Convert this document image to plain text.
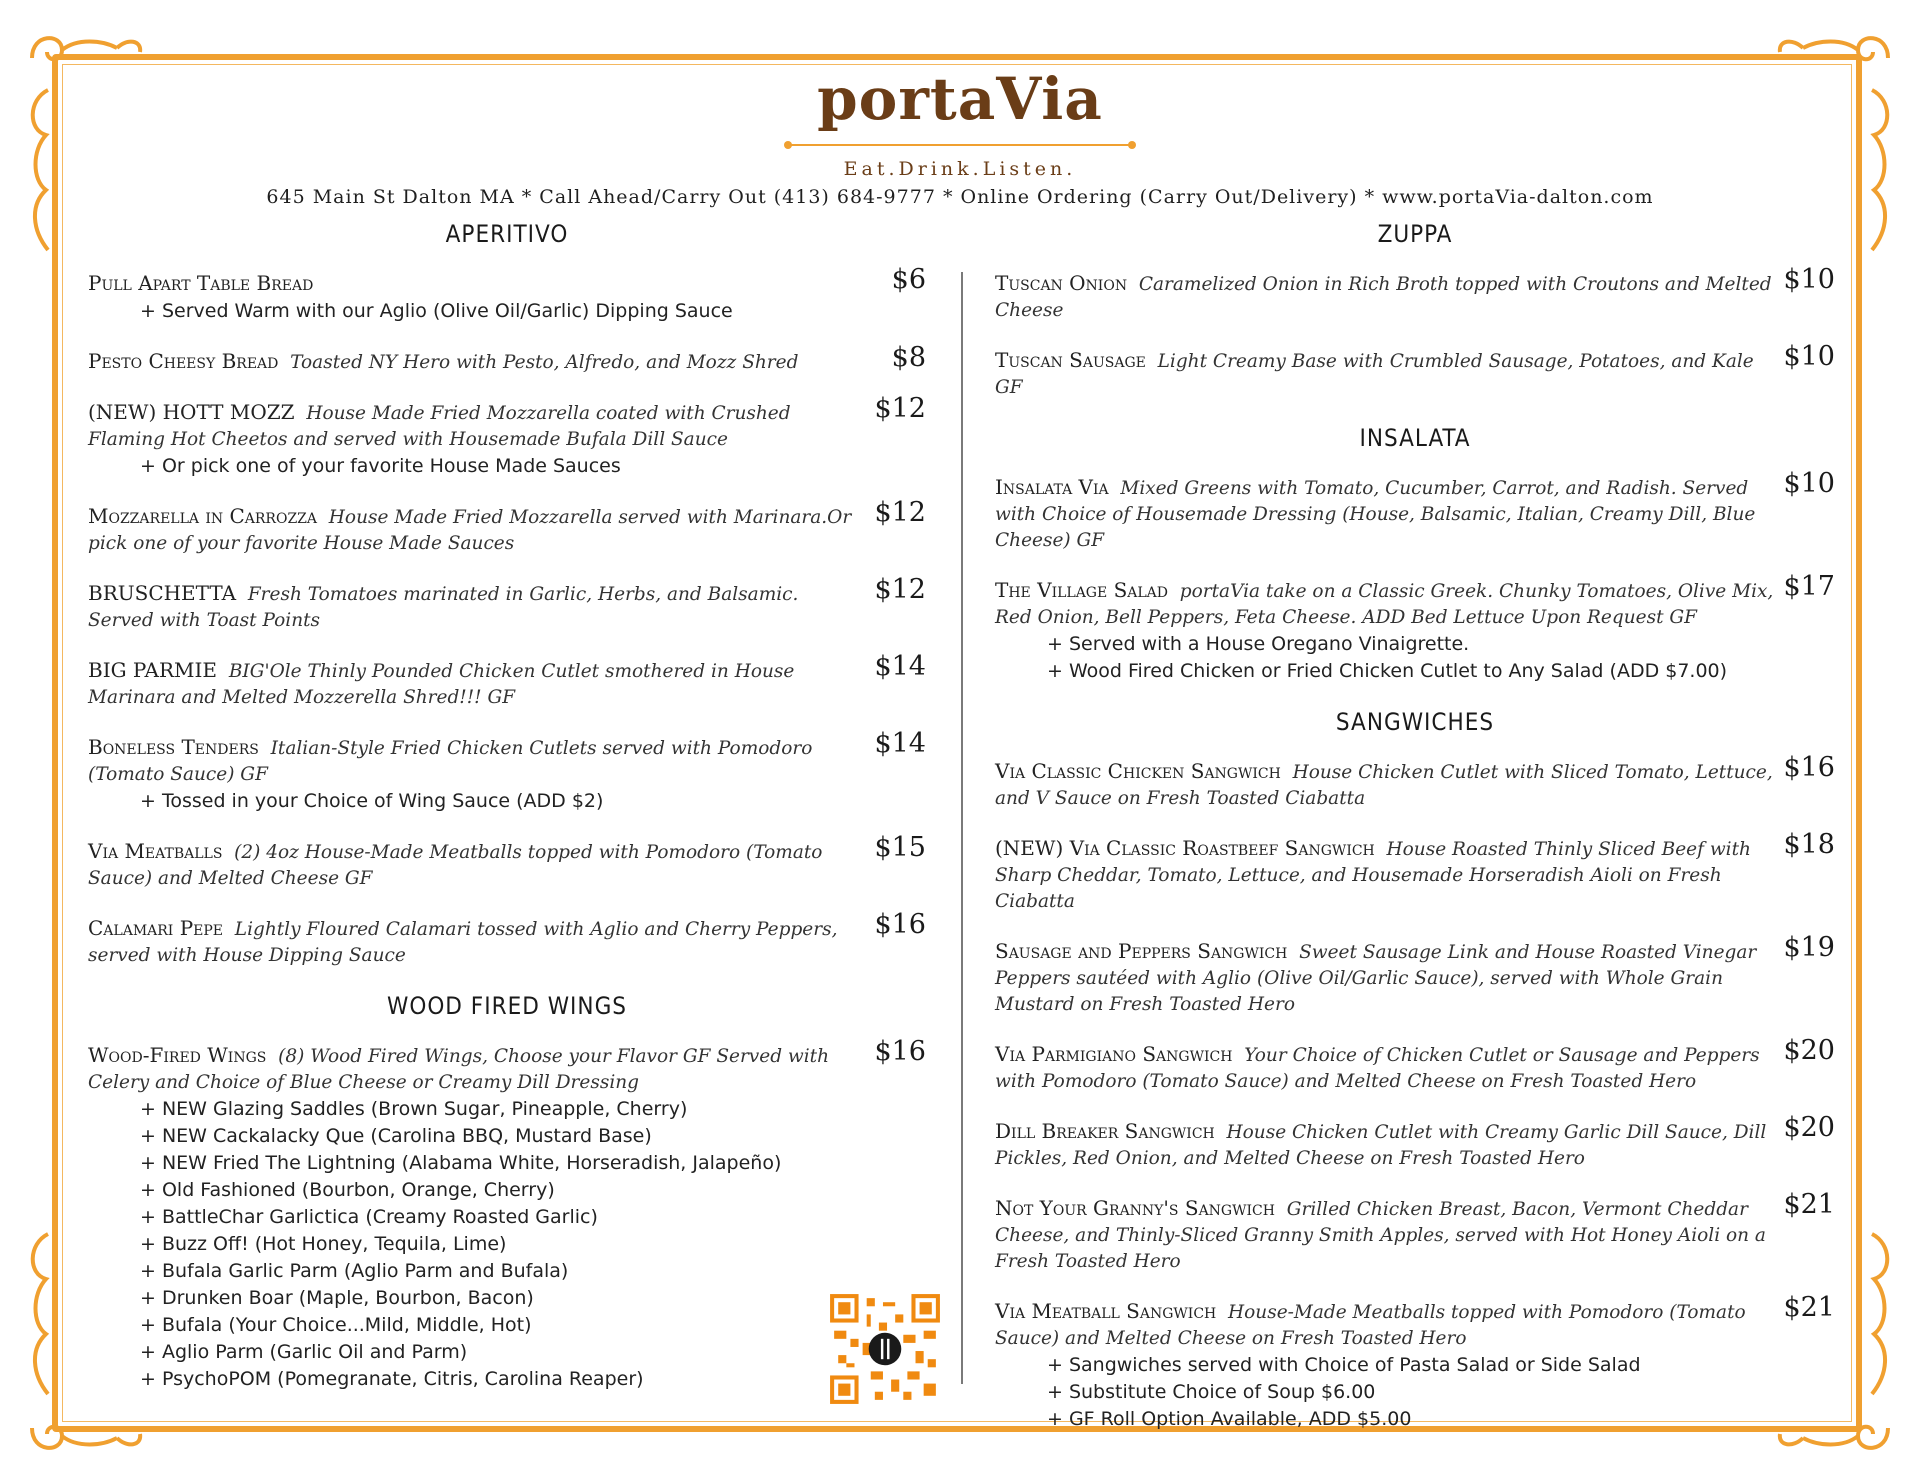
portaVia
Eat.Drink.Listen.
645 Main St Dalton MA * Call Ahead/Carry Out (413) 684-9777 * Online Ordering (Carry Out/Delivery) * www.portaVia-dalton.com
APERITIVO
Pull Apart Table Bread	$6
+ Served Warm with our Aglio (Olive Oil/Garlic) Dipping Sauce
Pesto Cheesy Bread Toasted NY Hero with Pesto, Alfredo, and Mozz Shred	$8
(NEW) HOTT MOZZ House Made Fried Mozzarella coated with Crushed Flaming Hot Cheetos and served with Housemade Bufala Dill Sauce
$12
+ Or pick one of your favorite House Made Sauces
Mozzarella in Carrozza House Made Fried Mozzarella served with Marinara.Or pick one of your favorite House Made Sauces
$12
BRUSCHETTA Fresh Tomatoes marinated in Garlic, Herbs, and Balsamic. Served with Toast Points
$12
BIG PARMIE BIG'Ole Thinly Pounded Chicken Cutlet smothered in House Marinara and Melted Mozzerella Shred!!! GF
$14
Boneless Tenders Italian-Style Fried Chicken Cutlets served with Pomodoro (Tomato Sauce) GF
$14
+ Tossed in your Choice of Wing Sauce (ADD $2)
Via Meatballs (2) 4oz House-Made Meatballs topped with Pomodoro (Tomato Sauce) and Melted Cheese GF
$15
Calamari Pepe Lightly Floured Calamari tossed with Aglio and Cherry Peppers, served with House Dipping Sauce
$16
WOOD FIRED WINGS
Wood-Fired Wings (8) Wood Fired Wings, Choose your Flavor GF Served with Celery and Choice of Blue Cheese or Creamy Dill Dressing
$16
+ NEW Glazing Saddles (Brown Sugar, Pineapple, Cherry)
+ NEW Cackalacky Que (Carolina BBQ, Mustard Base)
+ NEW Fried The Lightning (Alabama White, Horseradish, Jalapeño)
+ Old Fashioned (Bourbon, Orange, Cherry)
+ BattleChar Garlictica (Creamy Roasted Garlic)
+ Buzz Off! (Hot Honey, Tequila, Lime)
+ Bufala Garlic Parm (Aglio Parm and Bufala)
+ Drunken Boar (Maple, Bourbon, Bacon)
+ Bufala (Your Choice...Mild, Middle, Hot)
+ Aglio Parm (Garlic Oil and Parm)
+ PsychoPOM (Pomegranate, Citris, Carolina Reaper)
ZUPPA
Tuscan Onion Caramelized Onion in Rich Broth topped with Croutons and Melted Cheese
$10
Tuscan Sausage Light Creamy Base with Crumbled Sausage, Potatoes, and Kale GF
$10
INSALATA
Insalata Via Mixed Greens with Tomato, Cucumber, Carrot, and Radish. Served with Choice of Housemade Dressing (House, Balsamic, Italian, Creamy Dill, Blue Cheese) GF
$10
The Village Salad portaVia take on a Classic Greek. Chunky Tomatoes, Olive Mix, Red Onion, Bell Peppers, Feta Cheese. ADD Bed Lettuce Upon Request GF
$17
+ Served with a House Oregano Vinaigrette.
+ Wood Fired Chicken or Fried Chicken Cutlet to Any Salad (ADD $7.00)
SANGWICHES
Via Classic Chicken Sangwich House Chicken Cutlet with Sliced Tomato, Lettuce, and V Sauce on Fresh Toasted Ciabatta
$16
(NEW) Via Classic Roastbeef Sangwich House Roasted Thinly Sliced Beef with Sharp Cheddar, Tomato, Lettuce, and Housemade Horseradish Aioli on Fresh Ciabatta
$18
Sausage and Peppers Sangwich Sweet Sausage Link and House Roasted Vinegar Peppers sautéed with Aglio (Olive Oil/Garlic Sauce), served with Whole Grain Mustard on Fresh Toasted Hero
$19
Via Parmigiano Sangwich Your Choice of Chicken Cutlet or Sausage and Peppers with Pomodoro (Tomato Sauce) and Melted Cheese on Fresh Toasted Hero
$20
Dill Breaker Sangwich House Chicken Cutlet with Creamy Garlic Dill Sauce, Dill Pickles, Red Onion, and Melted Cheese on Fresh Toasted Hero
$20
Not Your Granny's Sangwich Grilled Chicken Breast, Bacon, Vermont Cheddar Cheese, and Thinly-Sliced Granny Smith Apples, served with Hot Honey Aioli on a Fresh Toasted Hero
$21
Via Meatball Sangwich House-Made Meatballs topped with Pomodoro (Tomato Sauce) and Melted Cheese on Fresh Toasted Hero
$21
+ Sangwiches served with Choice of Pasta Salad or Side Salad
+ Substitute Choice of Soup $6.00
+ GF Roll Option Available, ADD $5.00
